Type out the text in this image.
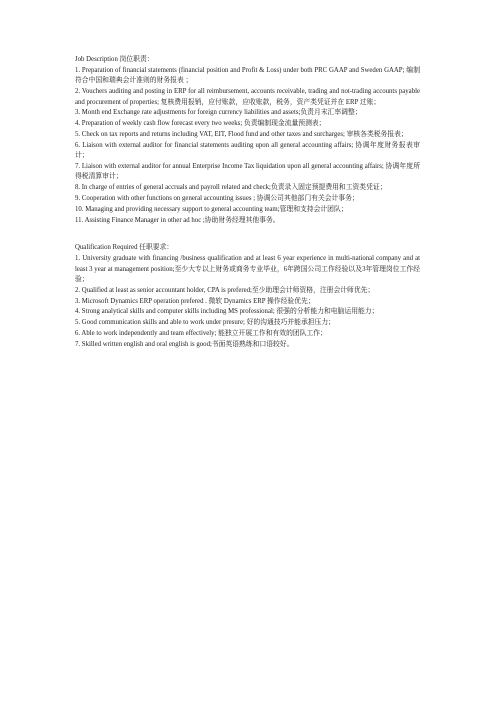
Job Description 岗位职责：
1. Preparation of financial statements (financial position and Profit & Loss) under both PRC GAAP and Sweden GAAP; 编制符合中国和瑞典会计准则的财务报表 ；
2. Vouchers auditing and posting in ERP for all reimbursement, accounts receivable, trading and not-trading accounts payable and procurement of properties; 复核费用报销，应付账款，应收账款，税务，资产类凭证并在 ERP 过账；
3. Month end Exchange rate adjustments for foreign currency liabilities and assets;负责月末汇率调整；
4. Preparation of weekly cash flow forecast every two weeks; 负责编制现金流量预测表；
5. Check on tax reports and returns including VAT, EIT, Flood fund and other taxes and surcharges; 审核各类税务报表；
6. Liaison with external auditor for financial statements auditing upon all general accounting affairs; 协调年度财务报表审计；
7. Liaison with external auditor for annual Enterprise Income Tax liquidation upon all general accounting affairs; 协调年度所得税清算审计；
8. In charge of entries of general accruals and payroll related and check;负责录入固定预提费用和工资类凭证；
9. Cooperation with other functions on general accounting issues ; 协调公司其他部门有关会计事务；
10. Managing and providing necessary support to general accounting team;管理和支持会计团队；
11. Assisting Finance Manager in other ad hoc ;协助财务经理其他事务。
Qualification Required 任职要求：
1. University graduate with financing /business qualification and at least 6 year experience in multi-national company and at least 3 year at management position;至少大专以上财务或商务专业毕业，6年跨国公司工作经验以及3年管理岗位工作经验；
2. Qualified at least as senior accountant holder, CPA is prefered;至少助理会计师资格，注册会计师优先；
3. Microsoft Dynamics ERP operation prefered . 微软 Dynamics ERP 操作经验优先；
4. Strong analytical skills and computer skills including MS professional; 很强的分析能力和电脑运用能力；
5. Good communication skills and able to work under presure; 好的沟通技巧并能承担压力；
6. Able to work independently and team effectively; 能独立开展工作和有效的团队工作；
7. Skilled written english and oral english is good;书面英语熟练和口语较好。
